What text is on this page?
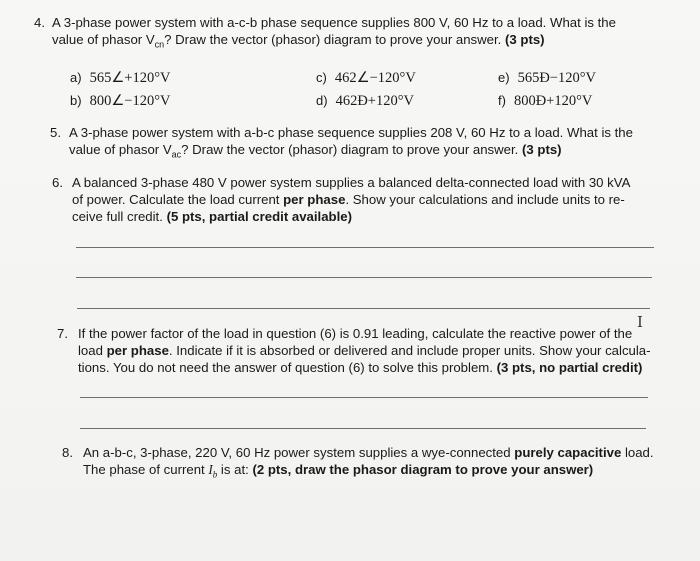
4. A 3-phase power system with a-c-b phase sequence supplies 800 V, 60 Hz to a load. What is the
value of phasor $V_{cn}$? Draw the vector (phasor) diagram to prove your answer. (3 pts)
a) 565∠+120°V
b) 800∠−120°V
c) 462∠−120°V
d) 462Ð+120°V
e) 565Ð−120°V
f) 800Ð+120°V
5. A 3-phase power system with a-b-c phase sequence supplies 208 V, 60 Hz to a load. What is the
value of phasor $V_{ac}$? Draw the vector (phasor) diagram to prove your answer. (3 pts)
6. A balanced 3-phase 480 V power system supplies a balanced delta-connected load with 30 kVA
of power. Calculate the load current per phase. Show your calculations and include units to re-
ceive full credit. (5 pts, partial credit available)
I
7. If the power factor of the load in question (6) is 0.91 leading, calculate the reactive power of the
load per phase. Indicate if it is absorbed or delivered and include proper units. Show your calcula-
tions. You do not need the answer of question (6) to solve this problem. (3 pts, no partial credit)
8. An a-b-c, 3-phase, 220 V, 60 Hz power system supplies a wye-connected purely capacitive load.
The phase of current $I_b$ is at: (2 pts, draw the phasor diagram to prove your answer)
